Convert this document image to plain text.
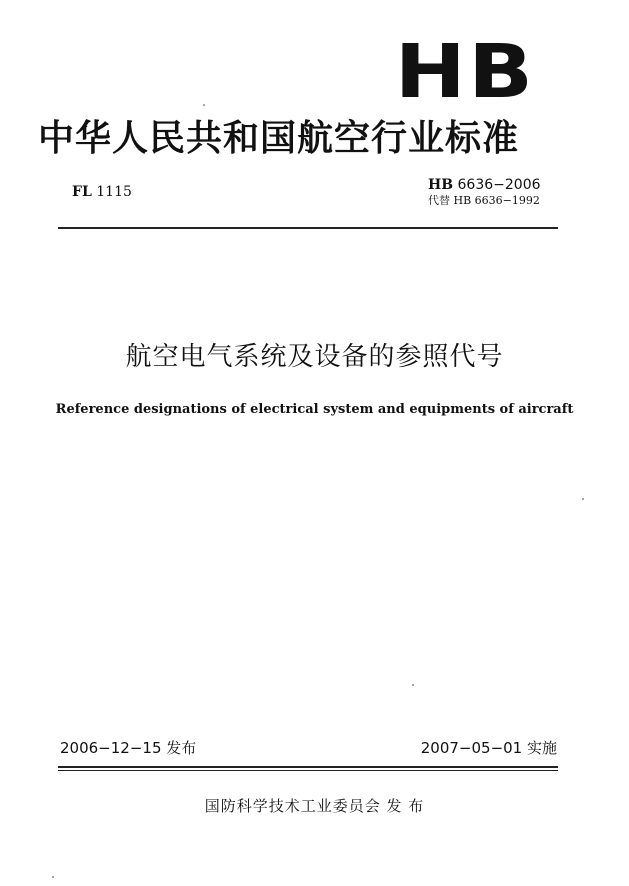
HB
中华人民共和国航空行业标准
FL 1115	HB 6636−2006
代替 HB 6636−1992
航空电气系统及设备的参照代号
Reference designations of electrical system and equipments of aircraft
2006−12−15 发布	2007−05−01 实施
国防科学技术工业委员会 发 布
